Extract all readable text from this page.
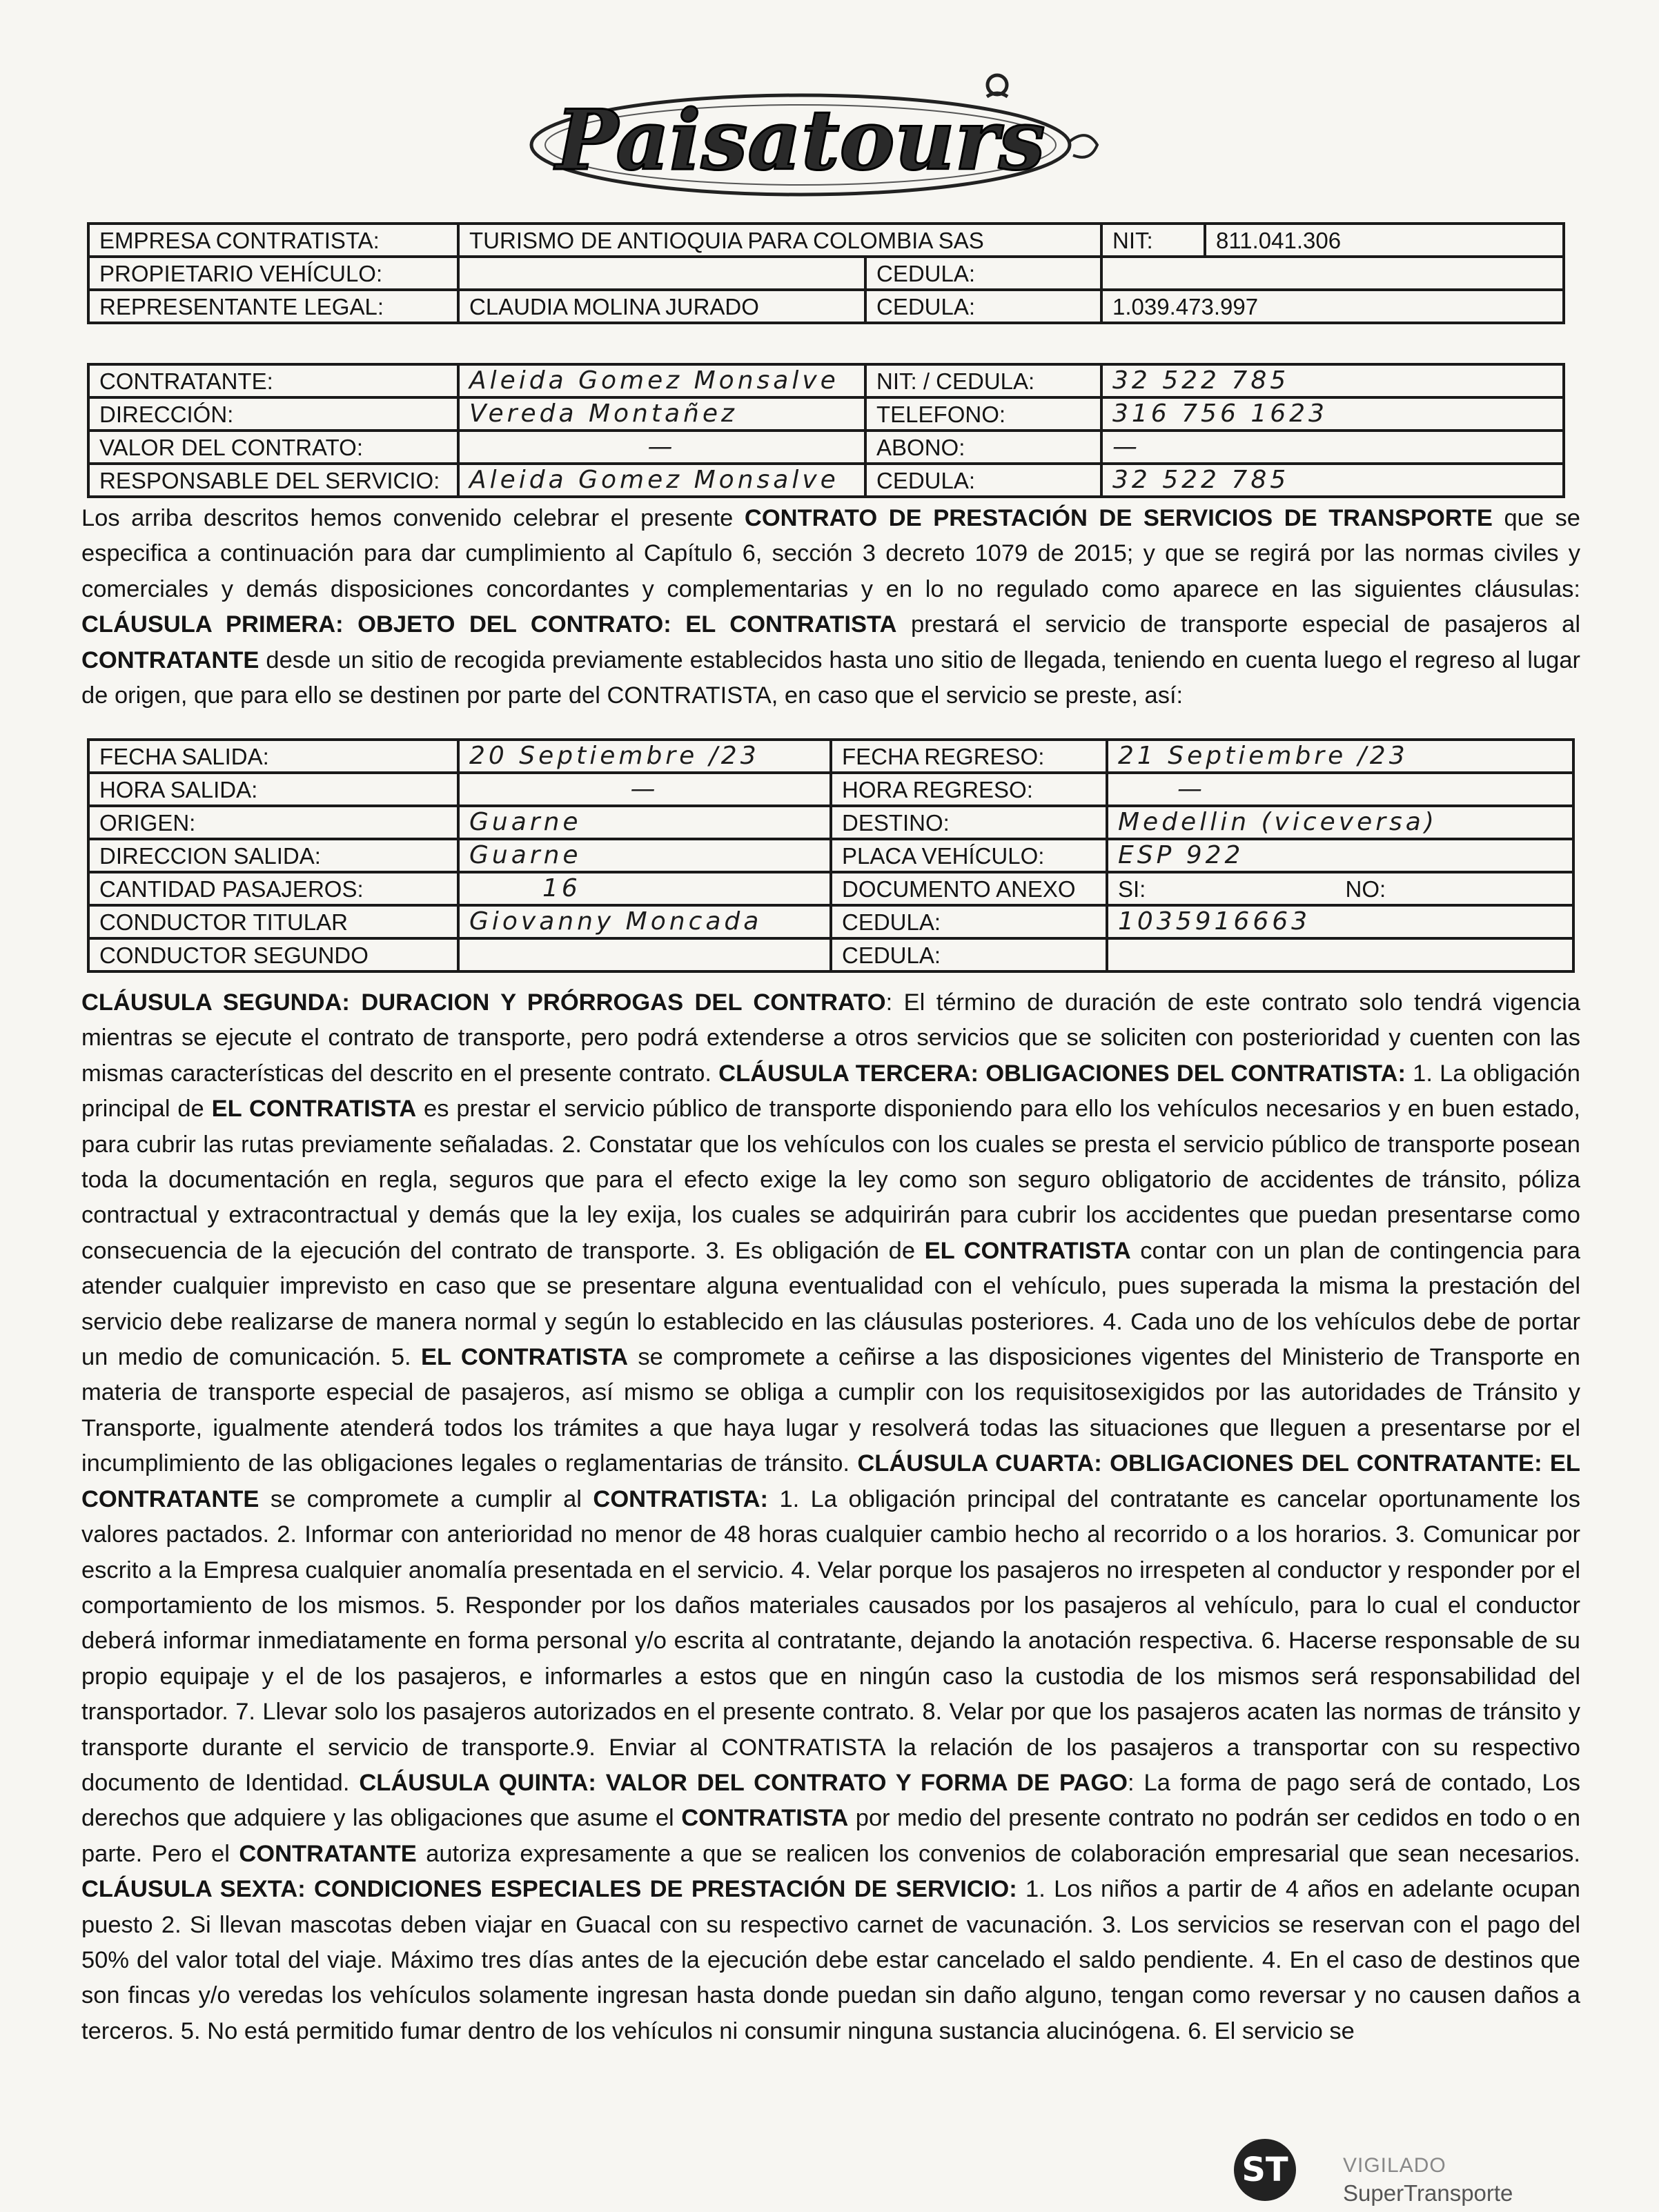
Paisatours
EMPRESA CONTRATISTA:	TURISMO DE ANTIOQUIA PARA COLOMBIA SAS		NIT:	811.041.306
PROPIETARIO VEHÍCULO:		CEDULA:		
REPRESENTANTE LEGAL:	CLAUDIA MOLINA JURADO	CEDULA:	1.039.473.997	
CONTRATANTE:	Aleida Gomez Monsalve	NIT: / CEDULA:	32 522 785
DIRECCIÓN:	Vereda Montañez	TELEFONO:	316 756 1623
VALOR DEL CONTRATO:	—	ABONO:	—
RESPONSABLE DEL SERVICIO:	Aleida Gomez Monsalve	CEDULA:	32 522 785

Los arriba descritos hemos convenido celebrar el presente CONTRATO DE PRESTACIÓN DE SERVICIOS DE TRANSPORTE que se especifica a continuación para dar cumplimiento al Capítulo 6, sección 3 decreto 1079 de 2015; y que se regirá por las normas civiles y comerciales y demás disposiciones concordantes y complementarias y en lo no regulado como aparece en las siguientes cláusulas: CLÁUSULA PRIMERA: OBJETO DEL CONTRATO: EL CONTRATISTA prestará el servicio de transporte especial de pasajeros al CONTRATANTE desde un sitio de recogida previamente establecidos hasta uno sitio de llegada, teniendo en cuenta luego el regreso al lugar de origen, que para ello se destinen por parte del CONTRATISTA, en caso que el servicio se preste, así:

FECHA SALIDA:	20 Septiembre /23	FECHA REGRESO:	21 Septiembre /23
HORA SALIDA:	—	HORA REGRESO:	—
ORIGEN:	Guarne	DESTINO:	Medellin (viceversa)
DIRECCION SALIDA:	Guarne	PLACA VEHÍCULO:	ESP 922
CANTIDAD PASAJEROS:	16	DOCUMENTO ANEXO	SI: NO:
CONDUCTOR TITULAR	Giovanny Moncada	CEDULA:	1035916663
CONDUCTOR SEGUNDO		CEDULA:	

CLÁUSULA SEGUNDA: DURACION Y PRÓRROGAS DEL CONTRATO: El término de duración de este contrato solo tendrá vigencia mientras se ejecute el contrato de transporte, pero podrá extenderse a otros servicios que se soliciten con posterioridad y cuenten con las mismas características del descrito en el presente contrato. CLÁUSULA TERCERA: OBLIGACIONES DEL CONTRATISTA: 1. La obligación principal de EL CONTRATISTA es prestar el servicio público de transporte disponiendo para ello los vehículos necesarios y en buen estado, para cubrir las rutas previamente señaladas. 2. Constatar que los vehículos con los cuales se presta el servicio público de transporte posean toda la documentación en regla, seguros que para el efecto exige la ley como son seguro obligatorio de accidentes de tránsito, póliza contractual y extracontractual y demás que la ley exija, los cuales se adquirirán para cubrir los accidentes que puedan presentarse como consecuencia de la ejecución del contrato de transporte. 3. Es obligación de EL CONTRATISTA contar con un plan de contingencia para atender cualquier imprevisto en caso que se presentare alguna eventualidad con el vehículo, pues superada la misma la prestación del servicio debe realizarse de manera normal y según lo establecido en las cláusulas posteriores. 4. Cada uno de los vehículos debe de portar un medio de comunicación. 5. EL CONTRATISTA se compromete a ceñirse a las disposiciones vigentes del Ministerio de Transporte en materia de transporte especial de pasajeros, así mismo se obliga a cumplir con los requisitosexigidos por las autoridades de Tránsito y Transporte, igualmente atenderá todos los trámites a que haya lugar y resolverá todas las situaciones que lleguen a presentarse por el incumplimiento de las obligaciones legales o reglamentarias de tránsito. CLÁUSULA CUARTA: OBLIGACIONES DEL CONTRATANTE: EL CONTRATANTE se compromete a cumplir al CONTRATISTA: 1. La obligación principal del contratante es cancelar oportunamente los valores pactados. 2. Informar con anterioridad no menor de 48 horas cualquier cambio hecho al recorrido o a los horarios. 3. Comunicar por escrito a la Empresa cualquier anomalía presentada en el servicio. 4. Velar porque los pasajeros no irrespeten al conductor y responder por el comportamiento de los mismos. 5. Responder por los daños materiales causados por los pasajeros al vehículo, para lo cual el conductor deberá informar inmediatamente en forma personal y/o escrita al contratante, dejando la anotación respectiva. 6. Hacerse responsable de su propio equipaje y el de los pasajeros, e informarles a estos que en ningún caso la custodia de los mismos será responsabilidad del transportador. 7. Llevar solo los pasajeros autorizados en el presente contrato. 8. Velar por que los pasajeros acaten las normas de tránsito y transporte durante el servicio de transporte.9. Enviar al CONTRATISTA la relación de los pasajeros a transportar con su respectivo documento de Identidad. CLÁUSULA QUINTA: VALOR DEL CONTRATO Y FORMA DE PAGO: La forma de pago será de contado, Los derechos que adquiere y las obligaciones que asume el CONTRATISTA por medio del presente contrato no podrán ser cedidos en todo o en parte. Pero el CONTRATANTE autoriza expresamente a que se realicen los convenios de colaboración empresarial que sean necesarios. CLÁUSULA SEXTA: CONDICIONES ESPECIALES DE PRESTACIÓN DE SERVICIO: 1. Los niños a partir de 4 años en adelante ocupan puesto 2. Si llevan mascotas deben viajar en Guacal con su respectivo carnet de vacunación. 3. Los servicios se reservan con el pago del 50% del valor total del viaje. Máximo tres días antes de la ejecución debe estar cancelado el saldo pendiente. 4. En el caso de destinos que son fincas y/o veredas los vehículos solamente ingresan hasta donde puedan sin daño alguno, tengan como reversar y no causen daños a terceros. 5. No está permitido fumar dentro de los vehículos ni consumir ninguna sustancia alucinógena. 6. El servicio se

ST	VIGILADO
SuperTransporte
